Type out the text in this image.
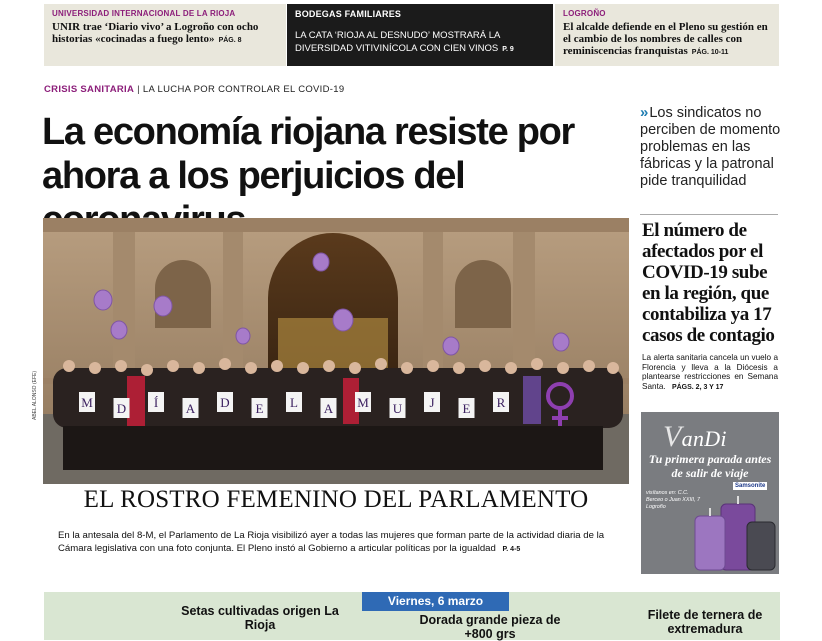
UNIVERSIDAD INTERNACIONAL DE LA RIOJA
UNIR trae ‘Diario vivo’ a Logroño con ocho historias «cocinadas a fuego lento» PÁG. 8
BODEGAS FAMILIARES
LA CATA ‘RIOJA AL DESNUDO’ MOSTRARÁ LA DIVERSIDAD VITIVINÍCOLA CON CIEN VINOS P. 9
LOGROÑO
El alcalde defiende en el Pleno su gestión en el cambio de los nombres de calles con reminiscencias franquistas PÁG. 10-11
CRISIS SANITARIA | LA LUCHA POR CONTROLAR EL COVID-19
La economía riojana resiste por ahora a los perjuicios del
» Los sindicatos no perciben de momento problemas en las fábricas y la patronal pide tranquilidad
El número de afectados por el COVID-19 sube en la región, que contabiliza ya 17 casos de contagio
La alerta sanitaria cancela un vuelo a Florencia y lleva a la Diócesis a plantearse restricciones en Semana Santa. PÁGS. 2, 3 Y 17
ABEL ALONSO (EFE)	M D Í A D E L A M U J E R
EL ROSTRO FEMENINO DEL PARLAMENTO
En la antesala del 8-M, el Parlamento de La Rioja visibilizó ayer a todas las mujeres que forman parte de la actividad diaria de la Cámara legislativa con una foto conjunta. El Pleno instó al Gobierno a articular políticas por la igualdad P. 4-5
VanDi
Tu primera parada antes de salir de viaje
Samsonite
visítanos en: C.C. Berceo o Juan XXIII, 7 Logroño
Viernes, 6 marzo
Setas cultivadas origen La Rioja	Dorada grande pieza de +800 grs
Filete de ternera de extremadura
